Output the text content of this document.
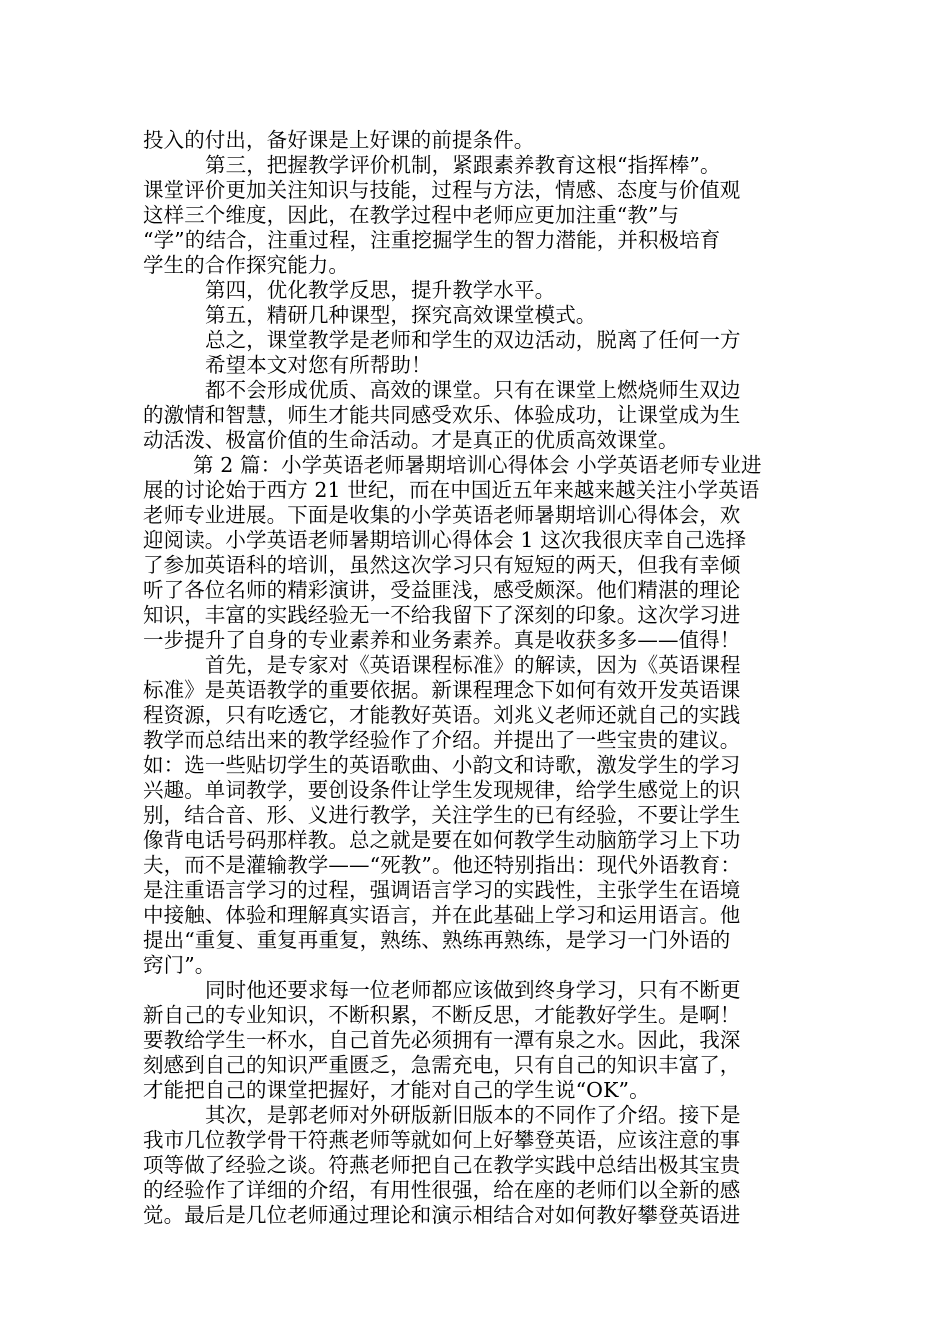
投入的付出，备好课是上好课的前提条件。
第三，把握教学评价机制，紧跟素养教育这根“指挥棒”。
课堂评价更加关注知识与技能，过程与方法，情感、态度与价值观
这样三个维度，因此，在教学过程中老师应更加注重“教”与
“学”的结合，注重过程，注重挖掘学生的智力潜能，并积极培育
学生的合作探究能力。
第四，优化教学反思，提升教学水平。
第五，精研几种课型，探究高效课堂模式。
总之，课堂教学是老师和学生的双边活动，脱离了任何一方
希望本文对您有所帮助！
都不会形成优质、高效的课堂。只有在课堂上燃烧师生双边
的激情和智慧，师生才能共同感受欢乐、体验成功，让课堂成为生
动活泼、极富价值的生命活动。才是真正的优质高效课堂。
第 2 篇：小学英语老师暑期培训心得体会 小学英语老师专业进
展的讨论始于西方 21 世纪，而在中国近五年来越来越关注小学英语
老师专业进展。下面是收集的小学英语老师暑期培训心得体会，欢
迎阅读。小学英语老师暑期培训心得体会 1 这次我很庆幸自己选择
了参加英语科的培训，虽然这次学习只有短短的两天，但我有幸倾
听了各位名师的精彩演讲，受益匪浅，感受颇深。他们精湛的理论
知识，丰富的实践经验无一不给我留下了深刻的印象。这次学习进
一步提升了自身的专业素养和业务素养。真是收获多多——值得！
首先，是专家对《英语课程标准》的解读，因为《英语课程
标准》是英语教学的重要依据。新课程理念下如何有效开发英语课
程资源，只有吃透它，才能教好英语。刘兆义老师还就自己的实践
教学而总结出来的教学经验作了介绍。并提出了一些宝贵的建议。
如：选一些贴切学生的英语歌曲、小韵文和诗歌，激发学生的学习
兴趣。单词教学，要创设条件让学生发现规律，给学生感觉上的识
别，结合音、形、义进行教学，关注学生的已有经验，不要让学生
像背电话号码那样教。总之就是要在如何教学生动脑筋学习上下功
夫，而不是灌输教学——“死教”。他还特别指出：现代外语教育：
是注重语言学习的过程，强调语言学习的实践性，主张学生在语境
中接触、体验和理解真实语言，并在此基础上学习和运用语言。他
提出“重复、重复再重复，熟练、熟练再熟练，是学习一门外语的
窍门”。
同时他还要求每一位老师都应该做到终身学习，只有不断更
新自己的专业知识，不断积累，不断反思，才能教好学生。是啊！
要教给学生一杯水，自己首先必须拥有一潭有泉之水。因此，我深
刻感到自己的知识严重匮乏，急需充电，只有自己的知识丰富了，
才能把自己的课堂把握好，才能对自己的学生说“OK”。
其次，是郭老师对外研版新旧版本的不同作了介绍。接下是
我市几位教学骨干符燕老师等就如何上好攀登英语，应该注意的事
项等做了经验之谈。符燕老师把自己在教学实践中总结出极其宝贵
的经验作了详细的介绍，有用性很强，给在座的老师们以全新的感
觉。最后是几位老师通过理论和演示相结合对如何教好攀登英语进
